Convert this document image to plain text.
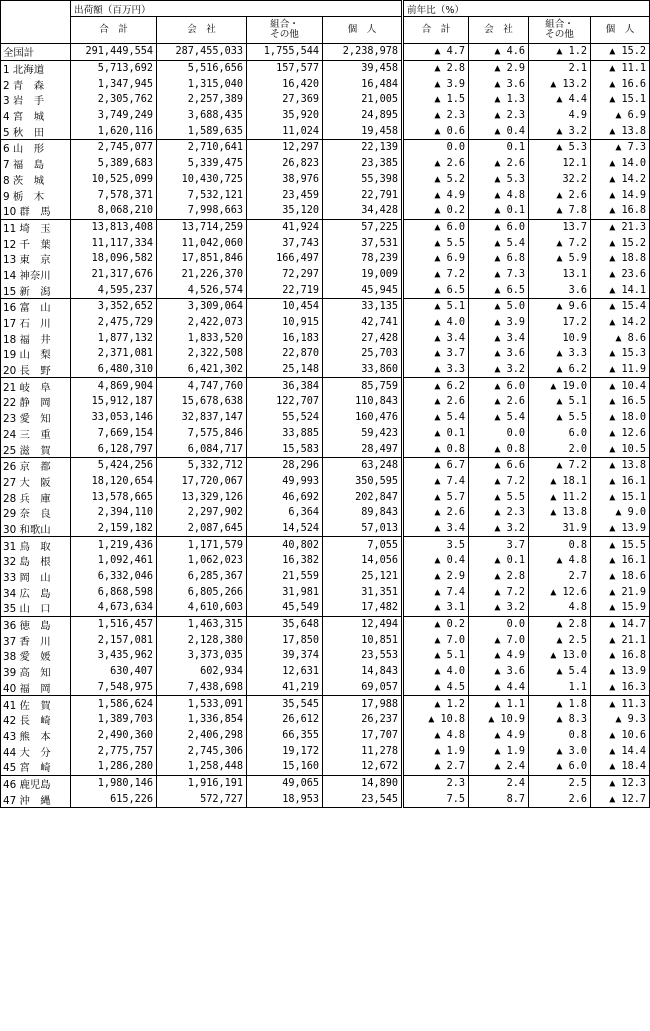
	出荷額（百万円）				前年比（%）			
	合　計	会　社	組合・
その他	個　人	合　計	会　社	組合・
その他	個　人
全国計	291,449,554	287,455,033	1,755,544	2,238,978	▲ 4.7	▲ 4.6	▲ 1.2	▲ 15.2
1 北海道	5,713,692	5,516,656	157,577	39,458	▲ 2.8	▲ 2.9	2.1	▲ 11.1
2 青　森	1,347,945	1,315,040	16,420	16,484	▲ 3.9	▲ 3.6	▲ 13.2	▲ 16.6
3 岩　手	2,305,762	2,257,389	27,369	21,005	▲ 1.5	▲ 1.3	▲ 4.4	▲ 15.1
4 宮　城	3,749,249	3,688,435	35,920	24,895	▲ 2.3	▲ 2.3	4.9	▲ 6.9
5 秋　田	1,620,116	1,589,635	11,024	19,458	▲ 0.6	▲ 0.4	▲ 3.2	▲ 13.8
6 山　形	2,745,077	2,710,641	12,297	22,139	0.0	0.1	▲ 5.3	▲ 7.3
7 福　島	5,389,683	5,339,475	26,823	23,385	▲ 2.6	▲ 2.6	12.1	▲ 14.0
8 茨　城	10,525,099	10,430,725	38,976	55,398	▲ 5.2	▲ 5.3	32.2	▲ 14.2
9 栃　木	7,578,371	7,532,121	23,459	22,791	▲ 4.9	▲ 4.8	▲ 2.6	▲ 14.9
10 群　馬	8,068,210	7,998,663	35,120	34,428	▲ 0.2	▲ 0.1	▲ 7.8	▲ 16.8
11 埼　玉	13,813,408	13,714,259	41,924	57,225	▲ 6.0	▲ 6.0	13.7	▲ 21.3
12 千　葉	11,117,334	11,042,060	37,743	37,531	▲ 5.5	▲ 5.4	▲ 7.2	▲ 15.2
13 東　京	18,096,582	17,851,846	166,497	78,239	▲ 6.9	▲ 6.8	▲ 5.9	▲ 18.8
14 神奈川	21,317,676	21,226,370	72,297	19,009	▲ 7.2	▲ 7.3	13.1	▲ 23.6
15 新　潟	4,595,237	4,526,574	22,719	45,945	▲ 6.5	▲ 6.5	3.6	▲ 14.1
16 富　山	3,352,652	3,309,064	10,454	33,135	▲ 5.1	▲ 5.0	▲ 9.6	▲ 15.4
17 石　川	2,475,729	2,422,073	10,915	42,741	▲ 4.0	▲ 3.9	17.2	▲ 14.2
18 福　井	1,877,132	1,833,520	16,183	27,428	▲ 3.4	▲ 3.4	10.9	▲ 8.6
19 山　梨	2,371,081	2,322,508	22,870	25,703	▲ 3.7	▲ 3.6	▲ 3.3	▲ 15.3
20 長　野	6,480,310	6,421,302	25,148	33,860	▲ 3.3	▲ 3.2	▲ 6.2	▲ 11.9
21 岐　阜	4,869,904	4,747,760	36,384	85,759	▲ 6.2	▲ 6.0	▲ 19.0	▲ 10.4
22 静　岡	15,912,187	15,678,638	122,707	110,843	▲ 2.6	▲ 2.6	▲ 5.1	▲ 16.5
23 愛　知	33,053,146	32,837,147	55,524	160,476	▲ 5.4	▲ 5.4	▲ 5.5	▲ 18.0
24 三　重	7,669,154	7,575,846	33,885	59,423	▲ 0.1	0.0	6.0	▲ 12.6
25 滋　賀	6,128,797	6,084,717	15,583	28,497	▲ 0.8	▲ 0.8	2.0	▲ 10.5
26 京　都	5,424,256	5,332,712	28,296	63,248	▲ 6.7	▲ 6.6	▲ 7.2	▲ 13.8
27 大　阪	18,120,654	17,720,067	49,993	350,595	▲ 7.4	▲ 7.2	▲ 18.1	▲ 16.1
28 兵　庫	13,578,665	13,329,126	46,692	202,847	▲ 5.7	▲ 5.5	▲ 11.2	▲ 15.1
29 奈　良	2,394,110	2,297,902	6,364	89,843	▲ 2.6	▲ 2.3	▲ 13.8	▲ 9.0
30 和歌山	2,159,182	2,087,645	14,524	57,013	▲ 3.4	▲ 3.2	31.9	▲ 13.9
31 鳥　取	1,219,436	1,171,579	40,802	7,055	3.5	3.7	0.8	▲ 15.5
32 島　根	1,092,461	1,062,023	16,382	14,056	▲ 0.4	▲ 0.1	▲ 4.8	▲ 16.1
33 岡　山	6,332,046	6,285,367	21,559	25,121	▲ 2.9	▲ 2.8	2.7	▲ 18.6
34 広　島	6,868,598	6,805,266	31,981	31,351	▲ 7.4	▲ 7.2	▲ 12.6	▲ 21.9
35 山　口	4,673,634	4,610,603	45,549	17,482	▲ 3.1	▲ 3.2	4.8	▲ 15.9
36 徳　島	1,516,457	1,463,315	35,648	12,494	▲ 0.2	0.0	▲ 2.8	▲ 14.7
37 香　川	2,157,081	2,128,380	17,850	10,851	▲ 7.0	▲ 7.0	▲ 2.5	▲ 21.1
38 愛　媛	3,435,962	3,373,035	39,374	23,553	▲ 5.1	▲ 4.9	▲ 13.0	▲ 16.8
39 高　知	630,407	602,934	12,631	14,843	▲ 4.0	▲ 3.6	▲ 5.4	▲ 13.9
40 福　岡	7,548,975	7,438,698	41,219	69,057	▲ 4.5	▲ 4.4	1.1	▲ 16.3
41 佐　賀	1,586,624	1,533,091	35,545	17,988	▲ 1.2	▲ 1.1	▲ 1.8	▲ 11.3
42 長　崎	1,389,703	1,336,854	26,612	26,237	▲ 10.8	▲ 10.9	▲ 8.3	▲ 9.3
43 熊　本	2,490,360	2,406,298	66,355	17,707	▲ 4.8	▲ 4.9	0.8	▲ 10.6
44 大　分	2,775,757	2,745,306	19,172	11,278	▲ 1.9	▲ 1.9	▲ 3.0	▲ 14.4
45 宮　崎	1,286,280	1,258,448	15,160	12,672	▲ 2.7	▲ 2.4	▲ 6.0	▲ 18.4
46 鹿児島	1,980,146	1,916,191	49,065	14,890	2.3	2.4	2.5	▲ 12.3
47 沖　縄	615,226	572,727	18,953	23,545	7.5	8.7	2.6	▲ 12.7
